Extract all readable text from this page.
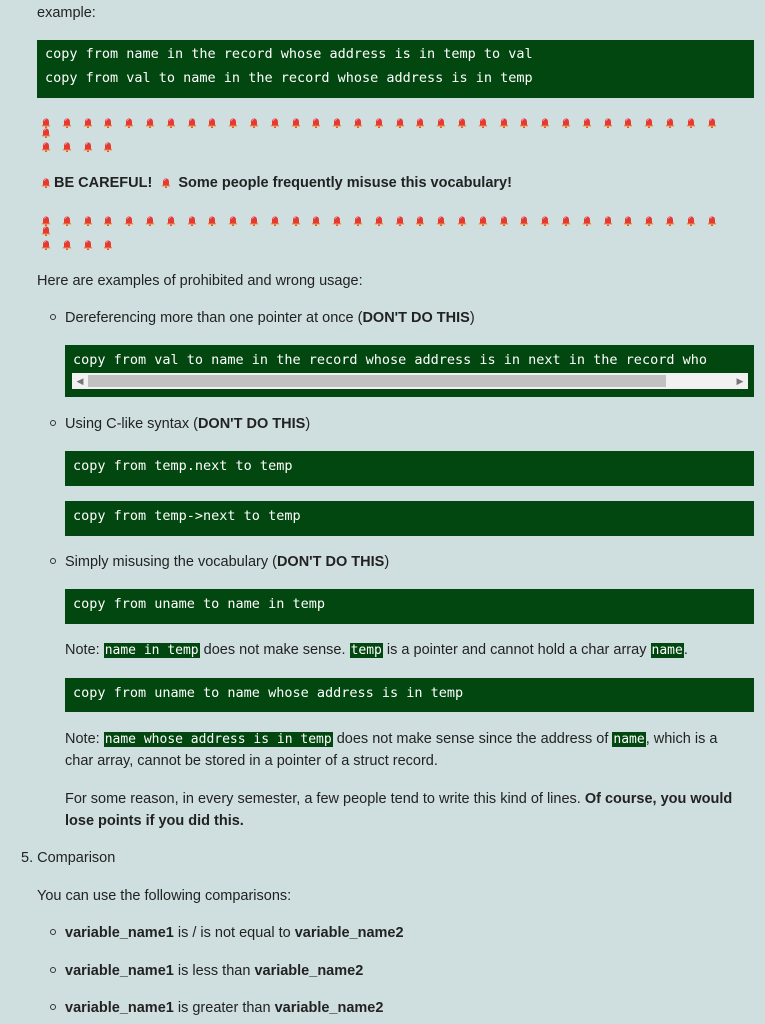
example:

copy from name in the record whose address is in temp to val

copy from val to name in the record whose address is in temp

BE CAREFUL! Some people frequently misuse this vocabulary!
Here are examples of prohibited and wrong usage:
Dereferencing more than one pointer at once (DON'T DO THIS)

copy from val to name in the record whose address is in next in the record who

◀	▶
Using C-like syntax (DON'T DO THIS)

copy from temp.next to temp

copy from temp->next to temp

Simply misusing the vocabulary (DON'T DO THIS)

copy from uname to name in temp

Note: name in temp does not make sense. temp is a pointer and cannot hold a char array name.

copy from uname to name whose address is in temp

Note: name whose address is in temp does not make sense since the address of name, which is a
char array, cannot be stored in a pointer of a struct record.
For some reason, in every semester, a few people tend to write this kind of lines. Of course, you would
lose points if you did this.
5. Comparison
You can use the following comparisons:
variable_name1 is / is not equal to variable_name2
variable_name1 is less than variable_name2
variable_name1 is greater than variable_name2
